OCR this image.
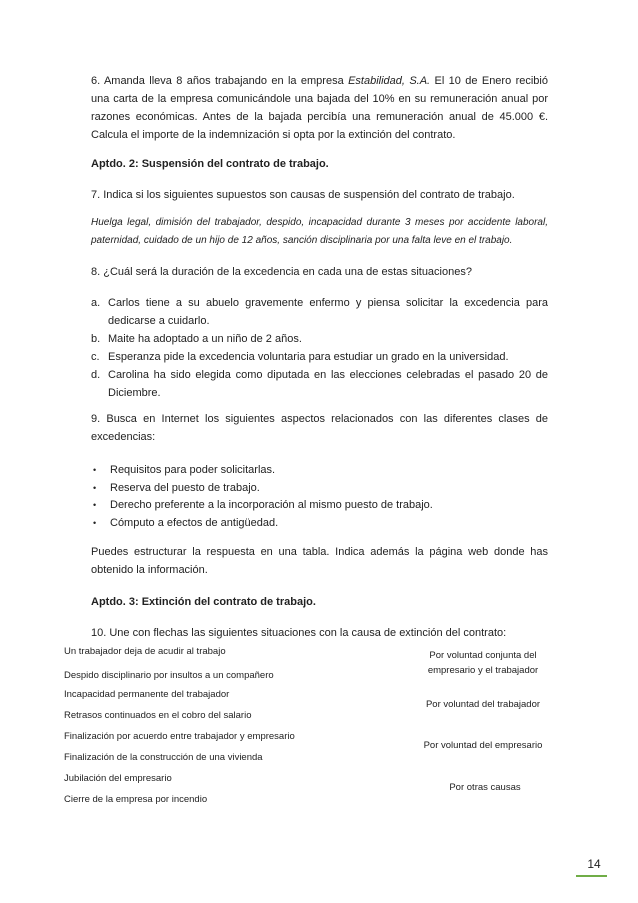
6. Amanda lleva 8 años trabajando en la empresa Estabilidad, S.A. El 10 de Enero recibió una carta de la empresa comunicándole una bajada del 10% en su remuneración anual por razones económicas. Antes de la bajada percibía una remuneración anual de 45.000 €. Calcula el importe de la indemnización si opta por la extinción del contrato.

Aptdo. 2: Suspensión del contrato de trabajo.

7. Indica si los siguientes supuestos son causas de suspensión del contrato de trabajo.

Huelga legal, dimisión del trabajador, despido, incapacidad durante 3 meses por accidente laboral, paternidad, cuidado de un hijo de 12 años, sanción disciplinaria por una falta leve en el trabajo.

8. ¿Cuál será la duración de la excedencia en cada una de estas situaciones?

a. Carlos tiene a su abuelo gravemente enfermo y piensa solicitar la excedencia para dedicarse a cuidarlo.
b. Maite ha adoptado a un niño de 2 años.
c. Esperanza pide la excedencia voluntaria para estudiar un grado en la universidad.
d. Carolina ha sido elegida como diputada en las elecciones celebradas el pasado 20 de Diciembre.

9. Busca en Internet los siguientes aspectos relacionados con las diferentes clases de excedencias:

• Requisitos para poder solicitarlas.
• Reserva del puesto de trabajo.
• Derecho preferente a la incorporación al mismo puesto de trabajo.
• Cómputo a efectos de antigüedad.

Puedes estructurar la respuesta en una tabla. Indica además la página web donde has obtenido la información.

Aptdo. 3: Extinción del contrato de trabajo.

10. Une con flechas las siguientes situaciones con la causa de extinción del contrato:

Un trabajador deja de acudir al trabajo
Despido disciplinario por insultos a un compañero
Incapacidad permanente del trabajador
Retrasos continuados en el cobro del salario
Finalización por acuerdo entre trabajador y empresario
Finalización de la construcción de una vivienda
Jubilación del empresario
Cierre de la empresa por incendio
Por voluntad conjunta del empresario y el trabajador
Por voluntad del trabajador
Por voluntad del empresario
Por otras causas
14
